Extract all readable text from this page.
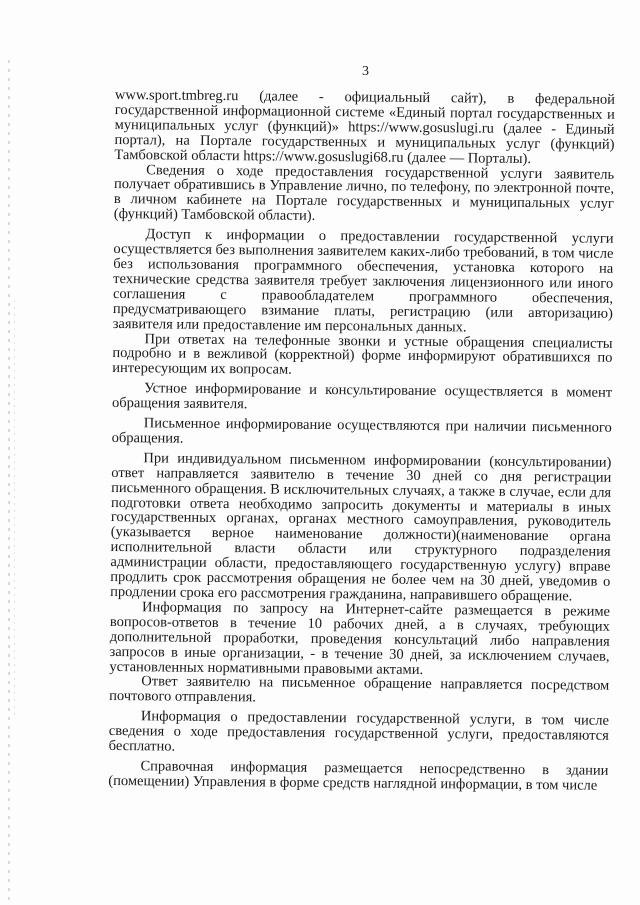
3

www.sport.tmbreg.ru (далее - официальный сайт), в федеральной государственной информационной системе «Единый портал государственных и муниципальных услуг (функций)» https://www.gosuslugi.ru (далее - Единый портал), на Портале государственных и муниципальных услуг (функций) Тамбовской области https://www.gosuslugi68.ru (далее — Порталы).

Сведения о ходе предоставления государственной услуги заявитель получает обратившись в Управление лично, по телефону, по электронной почте, в личном кабинете на Портале государственных и муниципальных услуг (функций) Тамбовской области).

Доступ к информации о предоставлении государственной услуги осуществляется без выполнения заявителем каких-либо требований, в том числе без использования программного обеспечения, установка которого на технические средства заявителя требует заключения лицензионного или иного соглашения с правообладателем программного обеспечения, предусматривающего взимание платы, регистрацию (или авторизацию) заявителя или предоставление им персональных данных.

При ответах на телефонные звонки и устные обращения специалисты подробно и в вежливой (корректной) форме информируют обратившихся по интересующим их вопросам.

Устное информирование и консультирование осуществляется в момент обращения заявителя.

Письменное информирование осуществляются при наличии письменного обращения.

При индивидуальном письменном информировании (консультировании) ответ направляется заявителю в течение 30 дней со дня регистрации письменного обращения. В исключительных случаях, а также в случае, если для подготовки ответа необходимо запросить документы и материалы в иных государственных органах, органах местного самоуправления, руководитель (указывается верное наименование должности)(наименование органа исполнительной власти области или структурного подразделения администрации области, предоставляющего государственную услугу) вправе продлить срок рассмотрения обращения не более чем на 30 дней, уведомив о продлении срока его рассмотрения гражданина, направившего обращение.

Информация по запросу на Интернет-сайте размещается в режиме вопросов-ответов в течение 10 рабочих дней, а в случаях, требующих дополнительной проработки, проведения консультаций либо направления запросов в иные организации, - в течение 30 дней, за исключением случаев, установленных нормативными правовыми актами.

Ответ заявителю на письменное обращение направляется посредством почтового отправления.

Информация о предоставлении государственной услуги, в том числе сведения о ходе предоставления государственной услуги, предоставляются бесплатно.

Справочная информация размещается непосредственно в здании (помещении) Управления в форме средств наглядной информации, в том числе
